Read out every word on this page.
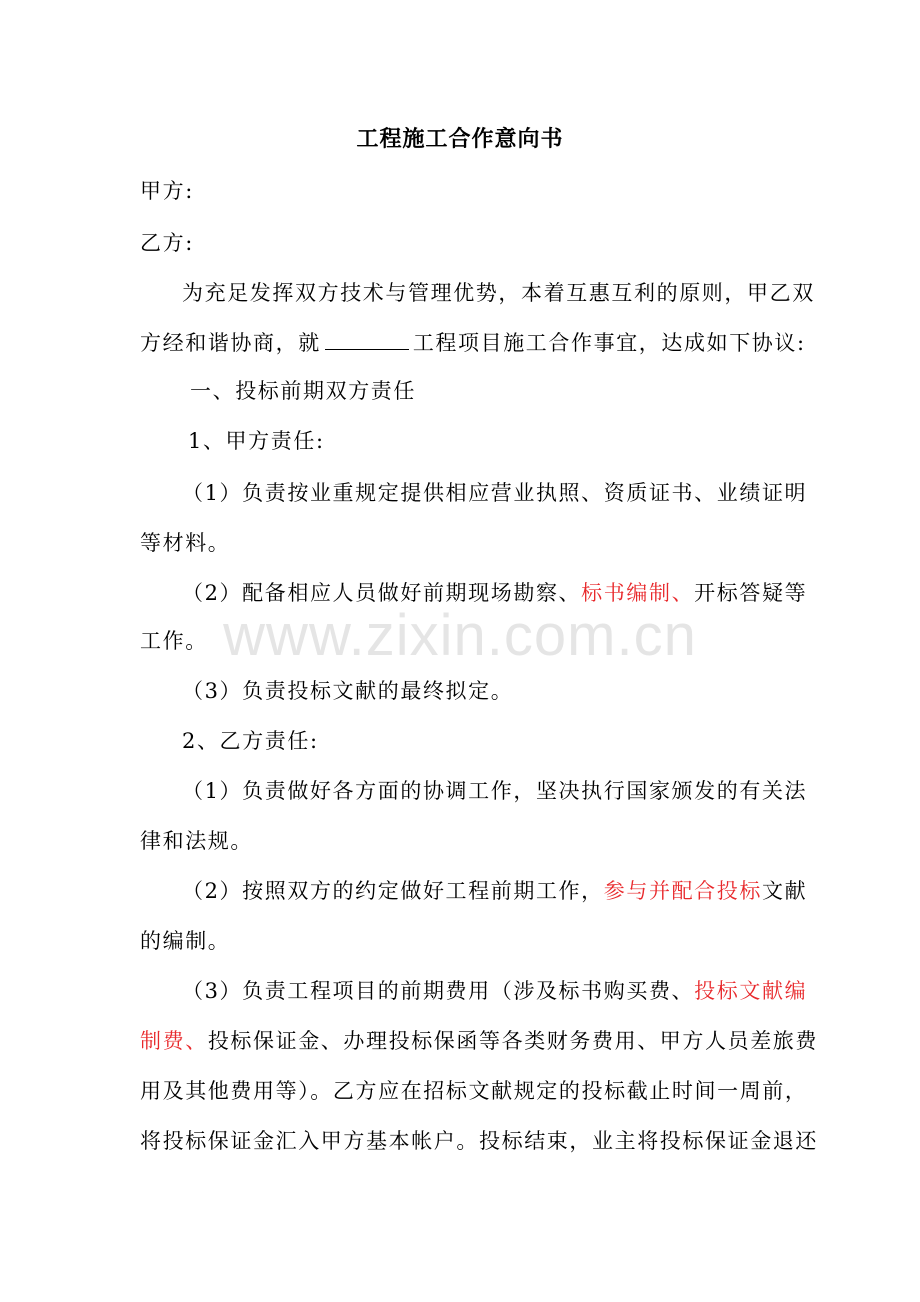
工程施工合作意向书
甲方:
乙方:
为充足发挥双方技术与管理优势，本着互惠互利的原则，甲乙双
方经和谐协商，就	工程项目施工合作事宜，达成如下协议:
一、投标前期双方责任
1、甲方责任:
（1）负责按业重规定提供相应营业执照、资质证书、业绩证明
等材料。
（2）配备相应人员做好前期现场勘察、标书编制、开标答疑等
工作。
（3）负责投标文献的最终拟定。
2、乙方责任:
（1）负责做好各方面的协调工作，坚决执行国家颁发的有关法
律和法规。
（2）按照双方的约定做好工程前期工作，参与并配合投标文献
的编制。
（3）负责工程项目的前期费用（涉及标书购买费、投标文献编
制费、投标保证金、办理投标保函等各类财务费用、甲方人员差旅费
用及其他费用等）。乙方应在招标文献规定的投标截止时间一周前，
将投标保证金汇入甲方基本帐户。投标结束，业主将投标保证金退还
www.zixin.com.cn
